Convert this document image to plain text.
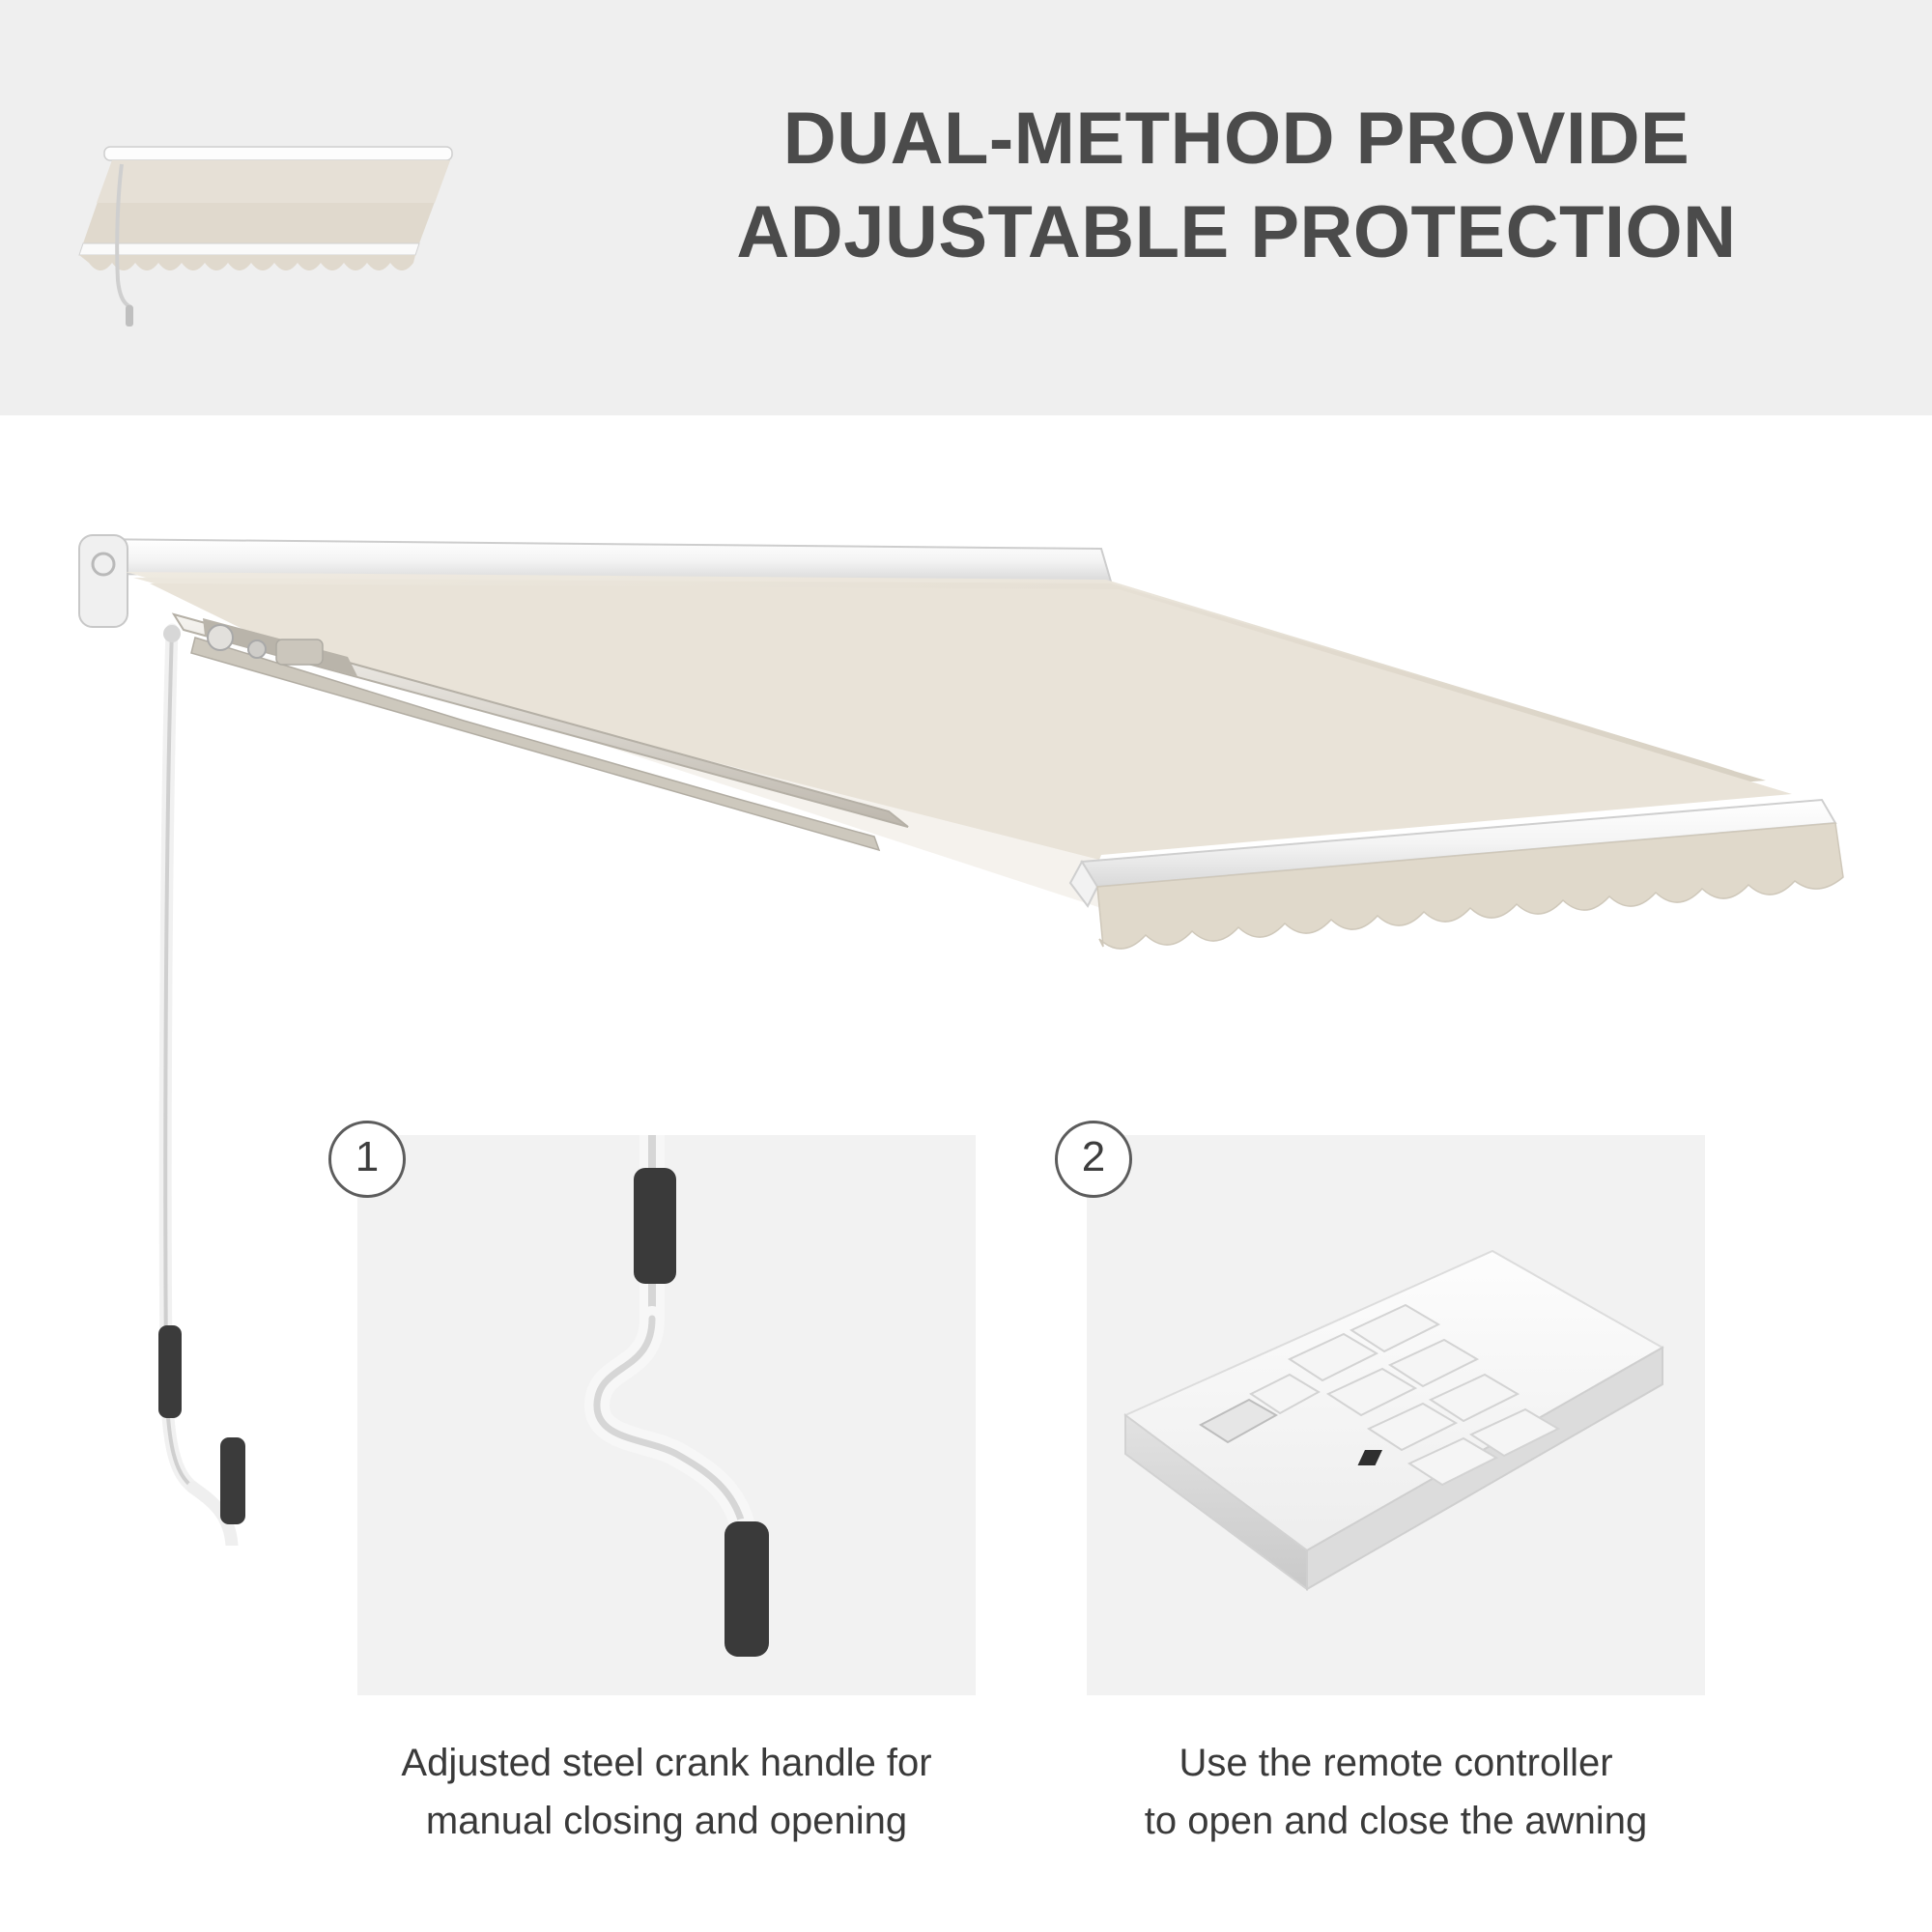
DUAL-METHOD PROVIDE
ADJUSTABLE PROTECTION
1
Adjusted steel crank handle for
manual closing and opening
2
Use the remote controller
to open and close the awning
